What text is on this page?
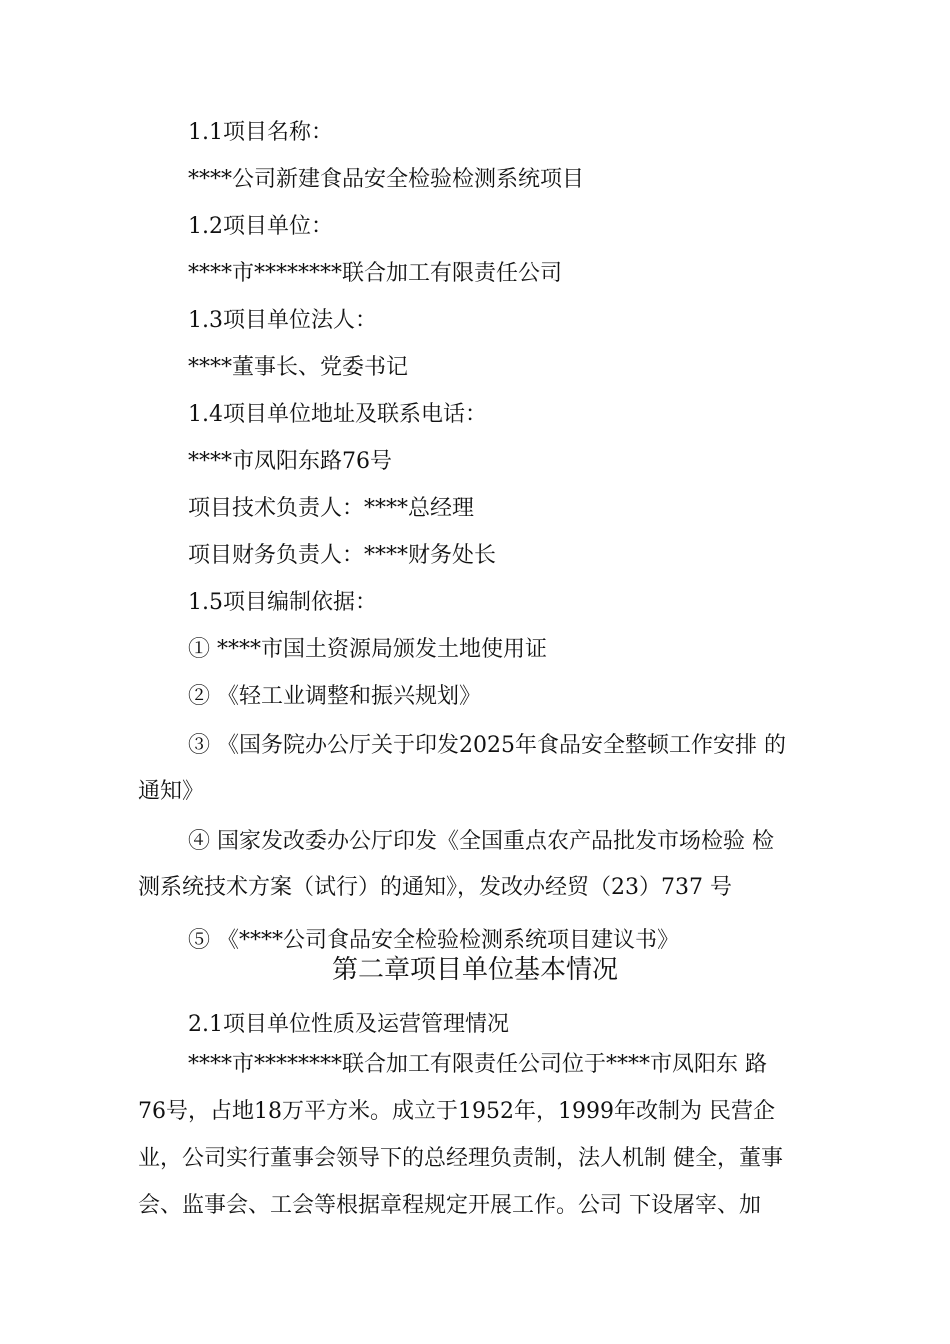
1.1项目名称：
****公司新建食品安全检验检测系统项目
1.2项目单位：
****市********联合加工有限责任公司
1.3项目单位法人：
****董事长、党委书记
1.4项目单位地址及联系电话：
****市凤阳东路76号
项目技术负责人：****总经理
项目财务负责人：****财务处长
1.5项目编制依据：
① ****市国土资源局颁发土地使用证
② 《轻工业调整和振兴规划》
③ 《国务院办公厅关于印发2025年食品安全整顿工作安排 的
通知》
④ 国家发改委办公厅印发《全国重点农产品批发市场检验 检
测系统技术方案（试行）的通知》，发改办经贸（23）737 号
⑤ 《****公司食品安全检验检测系统项目建议书》
第二章项目单位基本情况
2.1项目单位性质及运营管理情况
****市********联合加工有限责任公司位于****市凤阳东 路
76号，占地18万平方米。成立于1952年，1999年改制为 民营企
业，公司实行董事会领导下的总经理负责制，法人机制 健全，董事
会、监事会、工会等根据章程规定开展工作。公司 下设屠宰、加
